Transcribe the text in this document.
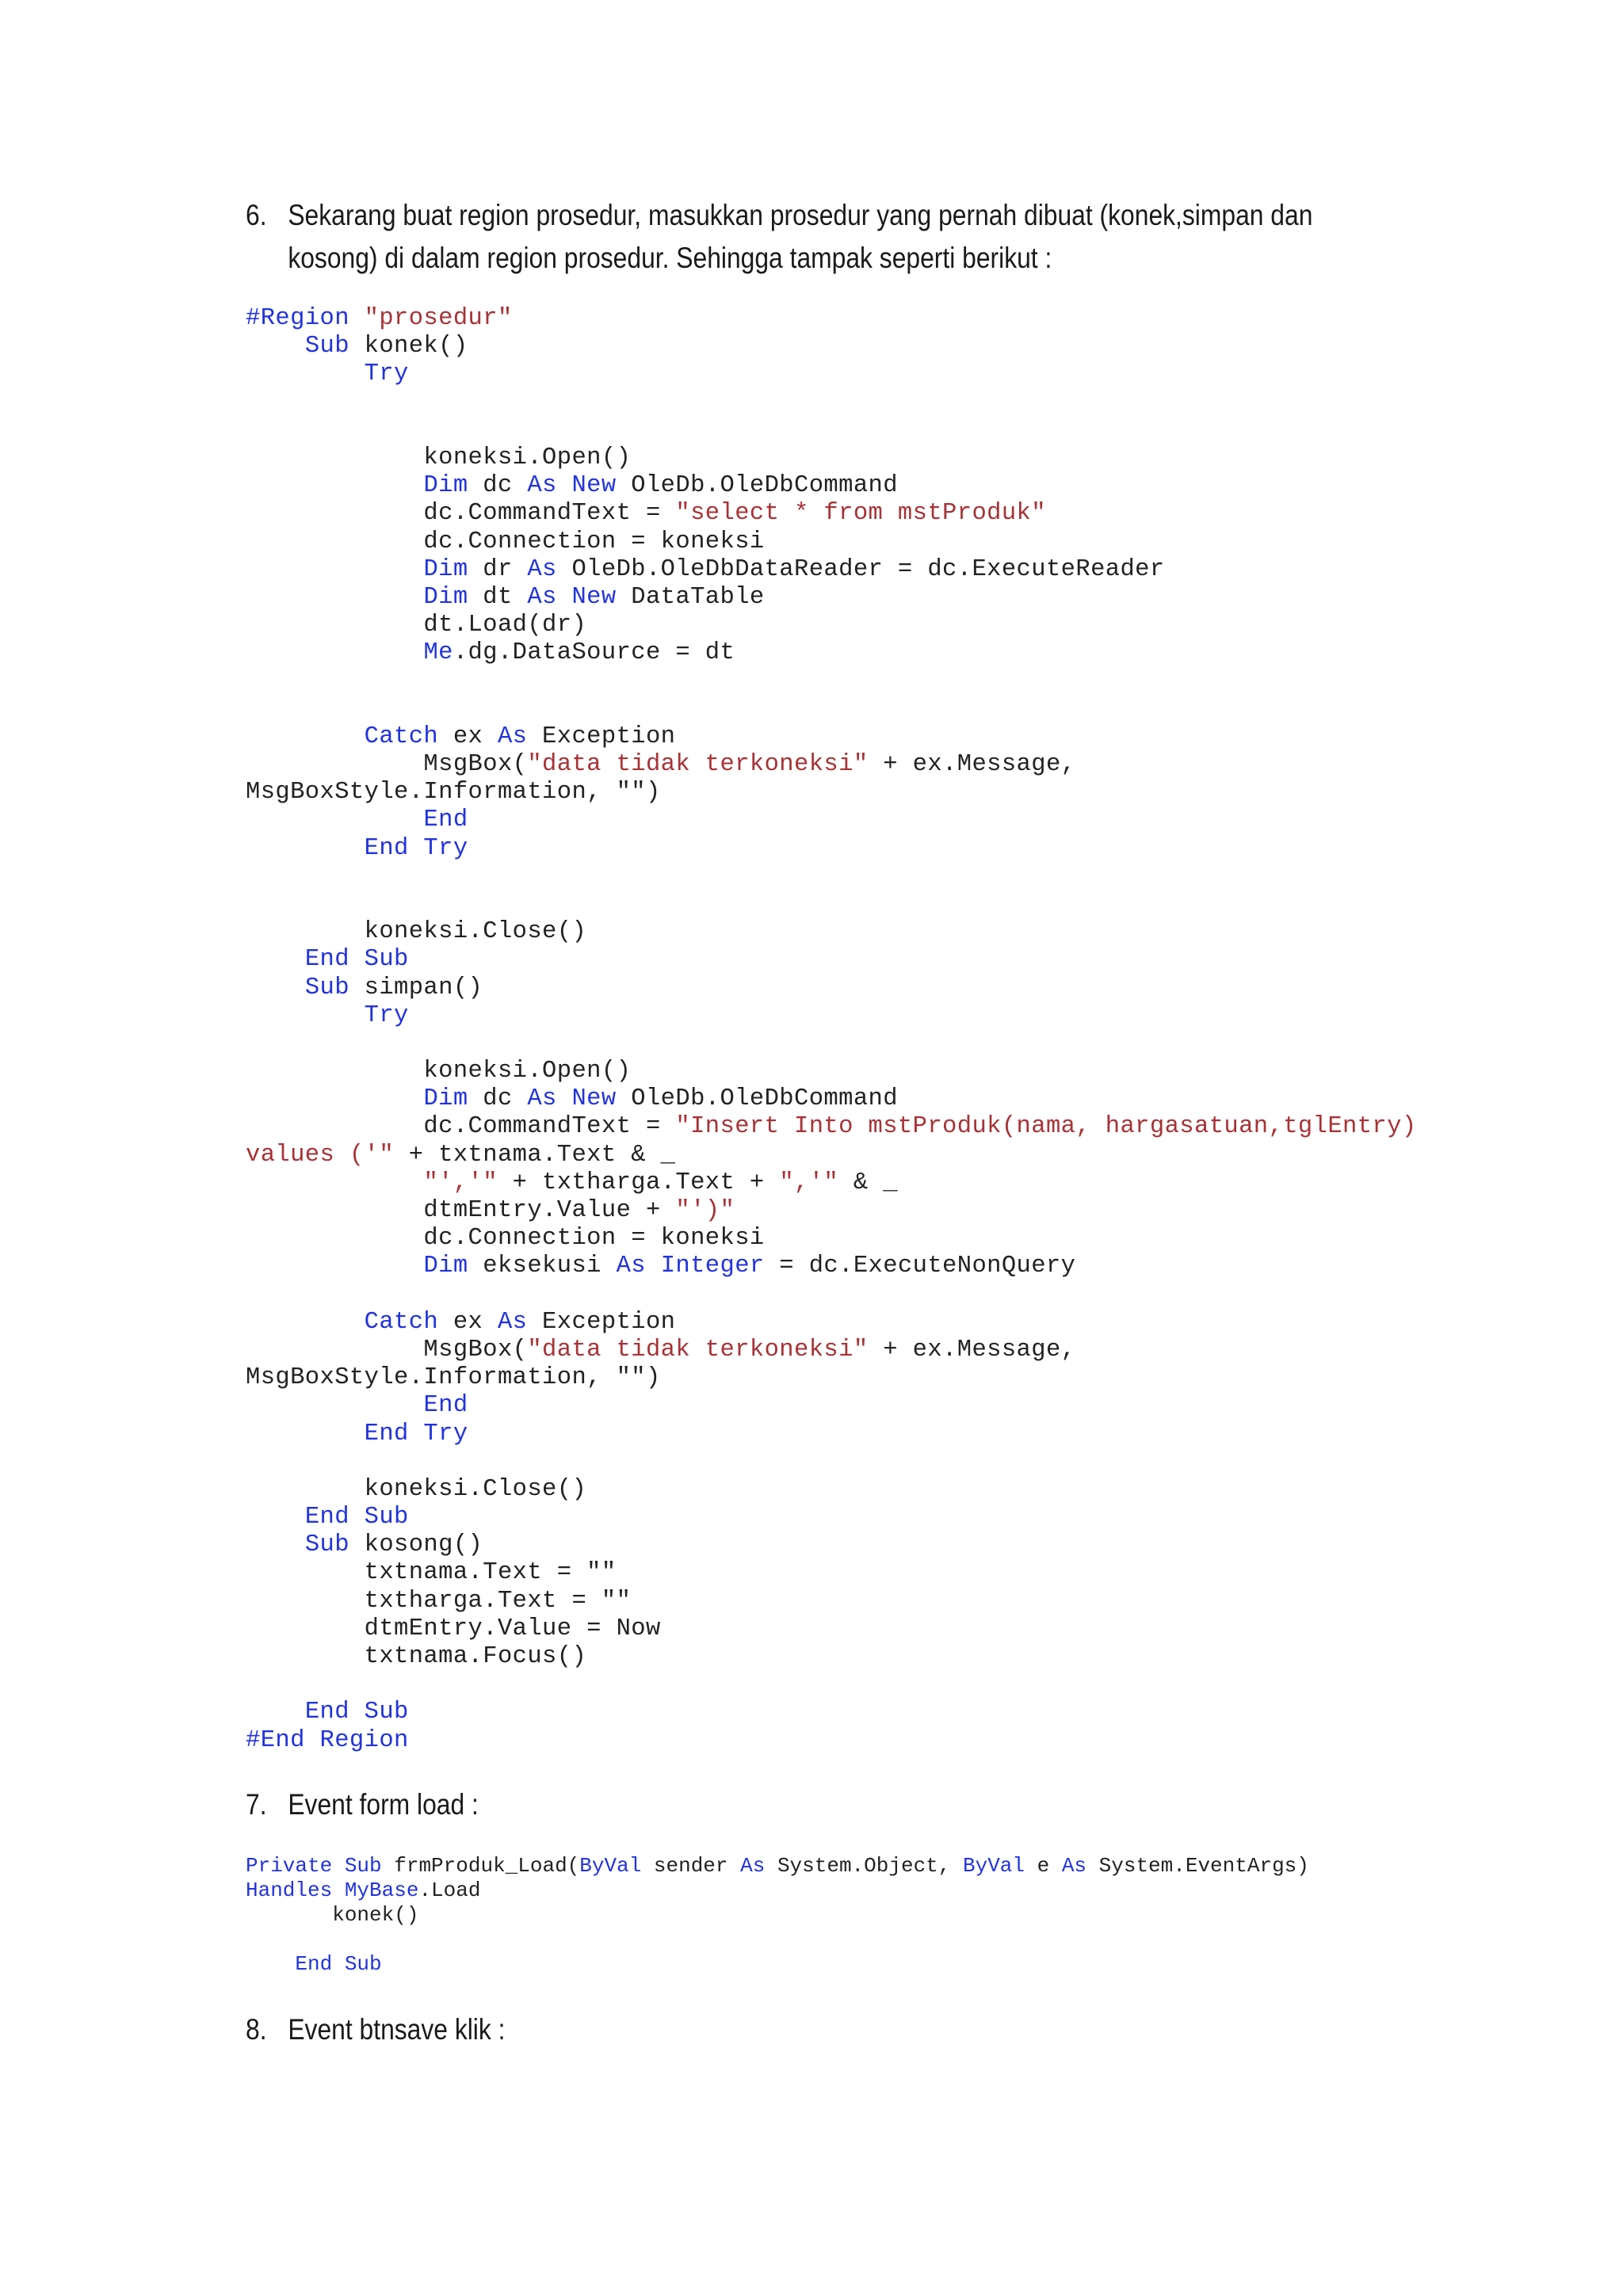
6. Sekarang buat region prosedur, masukkan prosedur yang pernah dibuat (konek,simpan dan
kosong) di dalam region prosedur. Sehingga tampak seperti berikut :
#Region "prosedur"
Sub konek()
Try

koneksi.Open()
Dim dc As New OleDb.OleDbCommand
dc.CommandText = "select * from mstProduk"
dc.Connection = koneksi
Dim dr As OleDb.OleDbDataReader = dc.ExecuteReader
Dim dt As New DataTable
dt.Load(dr)
Me.dg.DataSource = dt

Catch ex As Exception
MsgBox("data tidak terkoneksi" + ex.Message,
MsgBoxStyle.Information, "")
End
End Try

koneksi.Close()
End Sub
Sub simpan()
Try

koneksi.Open()
Dim dc As New OleDb.OleDbCommand
dc.CommandText = "Insert Into mstProduk(nama, hargasatuan,tglEntry)
values ('" + txtnama.Text & _
"','" + txtharga.Text + ",'" & _
dtmEntry.Value + "')"
dc.Connection = koneksi
Dim eksekusi As Integer = dc.ExecuteNonQuery

Catch ex As Exception
MsgBox("data tidak terkoneksi" + ex.Message,
MsgBoxStyle.Information, "")
End
End Try

koneksi.Close()
End Sub
Sub kosong()
txtnama.Text = ""
txtharga.Text = ""
dtmEntry.Value = Now
txtnama.Focus()

End Sub
#End Region
7. Event form load :
Private Sub frmProduk_Load(ByVal sender As System.Object, ByVal e As System.EventArgs)
Handles MyBase.Load
konek()

End Sub
8. Event btnsave klik :
